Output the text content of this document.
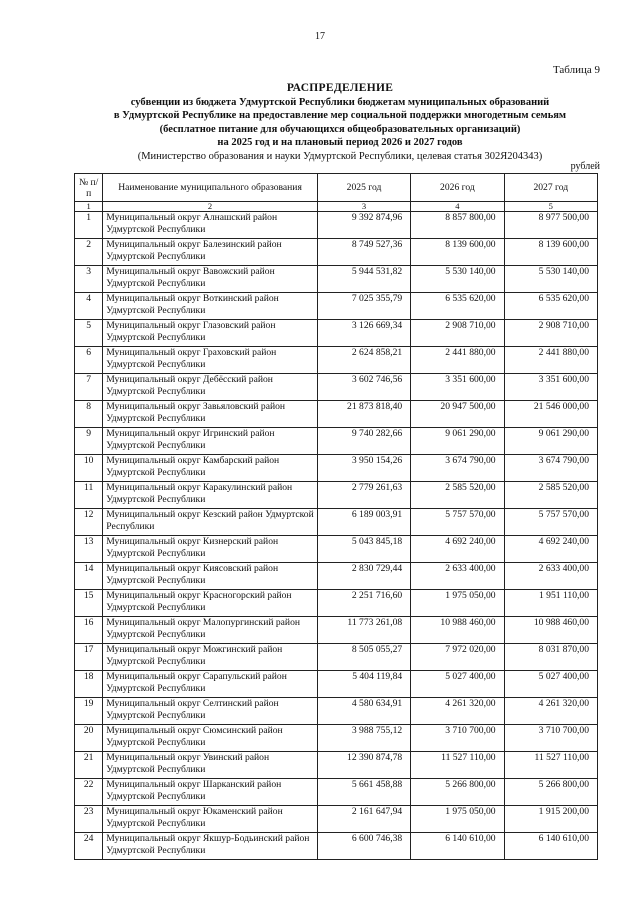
17
Таблица 9
РАСПРЕДЕЛЕНИЕ
субвенции из бюджета Удмуртской Республики бюджетам муниципальных образований
в Удмуртской Республике на предоставление мер социальной поддержки многодетным семьям
(бесплатное питание для обучающихся общеобразовательных организаций)
на 2025 год и на плановый период 2026 и 2027 годов
(Министерство образования и науки Удмуртской Республики, целевая статья 302Я204343)
рублей
№ п/п	Наименование муниципального образования	2025 год	2026 год	2027 год
1	2	3	4	5
1	Муниципальный округ Алнашский район Удмуртской Республики	9 392 874,96	8 857 800,00	8 977 500,00
2	Муниципальный округ Балезинский район Удмуртской Республики	8 749 527,36	8 139 600,00	8 139 600,00
3	Муниципальный округ Вавожский район Удмуртской Республики	5 944 531,82	5 530 140,00	5 530 140,00
4	Муниципальный округ Воткинский район Удмуртской Республики	7 025 355,79	6 535 620,00	6 535 620,00
5	Муниципальный округ Глазовский район Удмуртской Республики	3 126 669,34	2 908 710,00	2 908 710,00
6	Муниципальный округ Граховский район Удмуртской Республики	2 624 858,21	2 441 880,00	2 441 880,00
7	Муниципальный округ Дебёсский район Удмуртской Республики	3 602 746,56	3 351 600,00	3 351 600,00
8	Муниципальный округ Завьяловский район Удмуртской Республики	21 873 818,40	20 947 500,00	21 546 000,00
9	Муниципальный округ Игринский район Удмуртской Республики	9 740 282,66	9 061 290,00	9 061 290,00
10	Муниципальный округ Камбарский район Удмуртской Республики	3 950 154,26	3 674 790,00	3 674 790,00
11	Муниципальный округ Каракулинский район Удмуртской Республики	2 779 261,63	2 585 520,00	2 585 520,00
12	Муниципальный округ Кезский район Удмуртской Республики	6 189 003,91	5 757 570,00	5 757 570,00
13	Муниципальный округ Кизнерский район Удмуртской Республики	5 043 845,18	4 692 240,00	4 692 240,00
14	Муниципальный округ Киясовский район Удмуртской Республики	2 830 729,44	2 633 400,00	2 633 400,00
15	Муниципальный округ Красногорский район Удмуртской Республики	2 251 716,60	1 975 050,00	1 951 110,00
16	Муниципальный округ Малопургинский район Удмуртской Республики	11 773 261,08	10 988 460,00	10 988 460,00
17	Муниципальный округ Можгинский район Удмуртской Республики	8 505 055,27	7 972 020,00	8 031 870,00
18	Муниципальный округ Сарапульский район Удмуртской Республики	5 404 119,84	5 027 400,00	5 027 400,00
19	Муниципальный округ Селтинский район Удмуртской Республики	4 580 634,91	4 261 320,00	4 261 320,00
20	Муниципальный округ Сюмсинский район Удмуртской Республики	3 988 755,12	3 710 700,00	3 710 700,00
21	Муниципальный округ Увинский район Удмуртской Республики	12 390 874,78	11 527 110,00	11 527 110,00
22	Муниципальный округ Шарканский район Удмуртской Республики	5 661 458,88	5 266 800,00	5 266 800,00
23	Муниципальный округ Юкаменский район Удмуртской Республики	2 161 647,94	1 975 050,00	1 915 200,00
24	Муниципальный округ Якшур-Бодьинский район Удмуртской Республики	6 600 746,38	6 140 610,00	6 140 610,00
